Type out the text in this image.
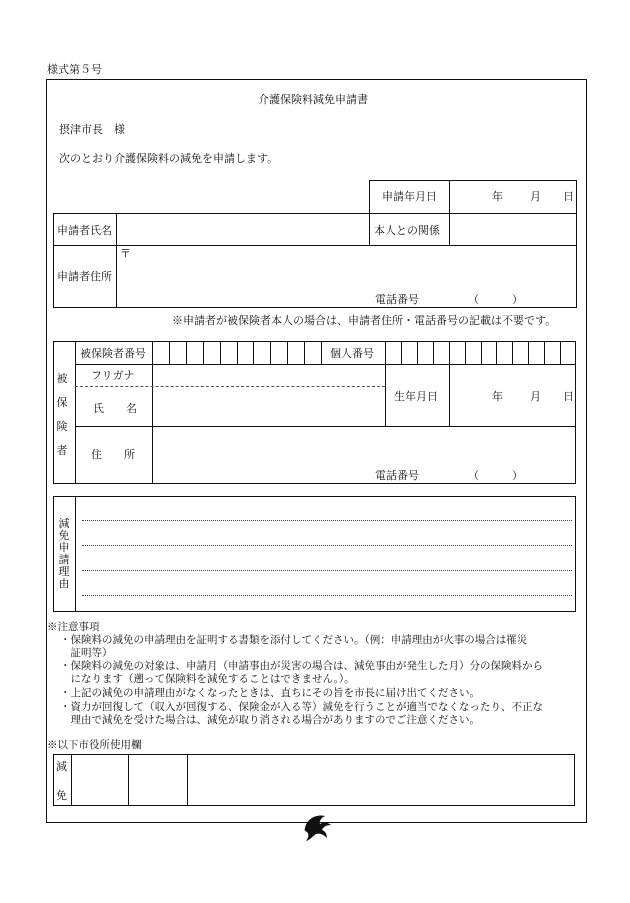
様式第５号
介護保険料減免申請書
摂津市長　様
次のとおり介護保険料の減免を申請します。
申請年月日	年 月 日
申請者氏名	本人との関係
申請者住所
〒
電話番号	（　　　）
※申請者が被保険者本人の場合は、申請者住所・電話番号の記載は不要です。
被
保
険
者
被保険者番号	個人番号
フリガナ
氏　　名
生年月日	年 月 日
住　　所
電話番号	（　　　）
減
免
申
請
理
由
※注意事項
・保険料の減免の申請理由を証明する書類を添付してください。（例：申請理由が火事の場合は罹災
　証明等）
・保険料の減免の対象は、申請月（申請事由が災害の場合は、減免事由が発生した月）分の保険料から
　になります（遡って保険料を減免することはできません。）。
・上記の減免の申請理由がなくなったときは、直ちにその旨を市長に届け出てください。
・資力が回復して（収入が回復する、保険金が入る等）減免を行うことが適当でなくなったり、不正な
　理由で減免を受けた場合は、減免が取り消される場合がありますのでご注意ください。
※以下市役所使用欄
減
免
